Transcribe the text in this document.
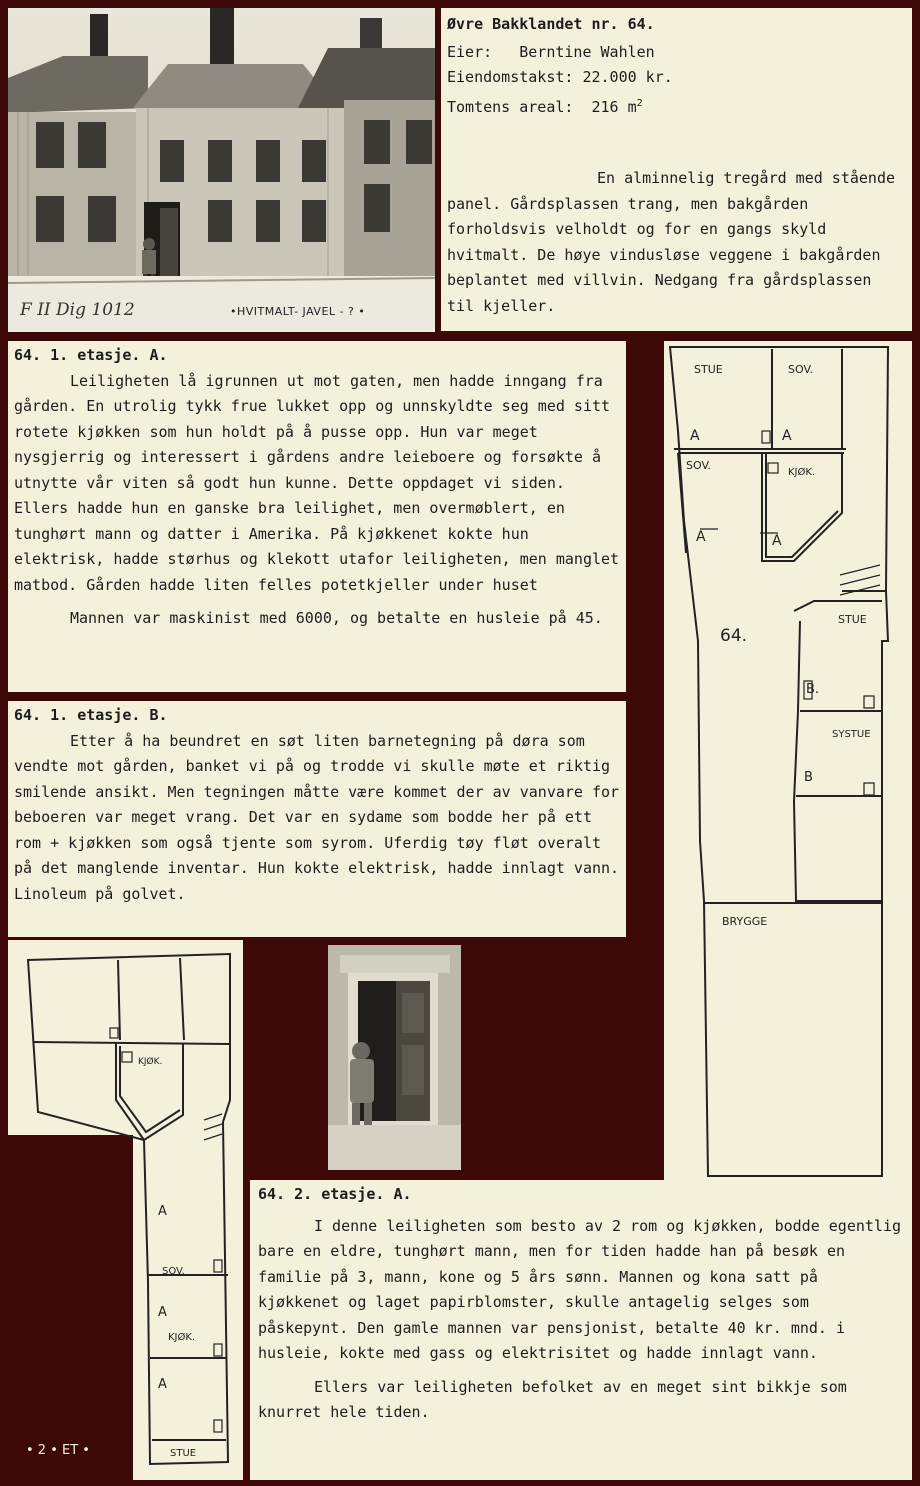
F II Dig 1012	•HVITMALT- JAVEL - ? •
Øvre Bakklandet nr. 64.
Eier: Berntine Wahlen
Eiendomstakst: 22.000 kr.
Tomtens areal: 216 $m^2$
En alminnelig tregård med stående panel. Gårdsplassen trang, men bakgården forholdsvis velholdt og for en gangs skyld hvitmalt. De høye vindusløse veggene i bakgården beplantet med villvin. Nedgang fra gårdsplassen til kjeller.
64. 1. etasje. A.
Leiligheten lå igrunnen ut mot gaten, men hadde inngang fra gården. En utrolig tykk frue lukket opp og unnskyldte seg med sitt rotete kjøkken som hun holdt på å pusse opp. Hun var meget nysgjerrig og interessert i gårdens andre leieboere og forsøkte å utnytte vår viten så godt hun kunne. Dette oppdaget vi siden. Ellers hadde hun en ganske bra leilighet, men overmøblert, en tunghørt mann og datter i Amerika. På kjøkkenet kokte hun elektrisk, hadde størhus og klekott utafor leiligheten, men manglet matbod. Gården hadde liten felles potetkjeller under huset
Mannen var maskinist med 6000, og betalte en husleie på 45.
64. 1. etasje. B.
Etter å ha beundret en søt liten barnetegning på døra som vendte mot gården, banket vi på og trodde vi skulle møte et riktig smilende ansikt. Men tegningen måtte være kommet der av vanvare for beboeren var meget vrang. Det var en sydame som bodde her på ett rom + kjøkken som også tjente som syrom. Uferdig tøy fløt overalt på det manglende inventar. Hun kokte elektrisk, hadde innlagt vann. Linoleum på golvet.
STUE	SOV.
A	A
SOV.
KJØK.
A	A
64.
STUE
B.
SYSTUE
B
BRYGGE
KJØK.
A
SOV.
A
KJØK.
A
STUE
• 2 • ET •
64. 2. etasje. A.
I denne leiligheten som besto av 2 rom og kjøkken, bodde egentlig bare en eldre, tunghørt mann, men for tiden hadde han på besøk en familie på 3, mann, kone og 5 års sønn. Mannen og kona satt på kjøkkenet og laget papirblomster, skulle antagelig selges som påskepynt. Den gamle mannen var pensjonist, betalte 40 kr. mnd. i husleie, kokte med gass og elektrisitet og hadde innlagt vann.
Ellers var leiligheten befolket av en meget sint bikkje som knurret hele tiden.
